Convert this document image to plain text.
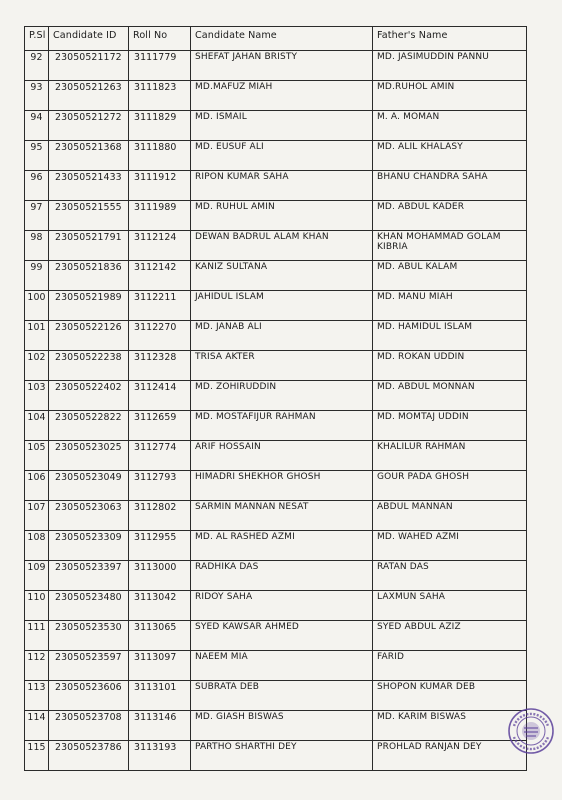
P.Sl	Candidate ID	Roll No	Candidate Name	Father's Name
92	23050521172	3111779	SHEFAT JAHAN BRISTY	MD. JASIMUDDIN PANNU
93	23050521263	3111823	MD.MAFUZ MIAH	MD.RUHOL AMIN
94	23050521272	3111829	MD. ISMAIL	M. A. MOMAN
95	23050521368	3111880	MD. EUSUF ALI	MD. ALIL KHALASY
96	23050521433	3111912	RIPON KUMAR SAHA	BHANU CHANDRA SAHA
97	23050521555	3111989	MD. RUHUL AMIN	MD. ABDUL KADER
98	23050521791	3112124	DEWAN BADRUL ALAM KHAN	KHAN MOHAMMAD GOLAM KIBRIA
99	23050521836	3112142	KANIZ SULTANA	MD. ABUL KALAM
100	23050521989	3112211	JAHIDUL ISLAM	MD. MANU MIAH
101	23050522126	3112270	MD. JANAB ALI	MD. HAMIDUL ISLAM
102	23050522238	3112328	TRISA AKTER	MD. ROKAN UDDIN
103	23050522402	3112414	MD. ZOHIRUDDIN	MD. ABDUL MONNAN
104	23050522822	3112659	MD. MOSTAFIJUR RAHMAN	MD. MOMTAJ UDDIN
105	23050523025	3112774	ARIF HOSSAIN	KHALILUR RAHMAN
106	23050523049	3112793	HIMADRI SHEKHOR GHOSH	GOUR PADA GHOSH
107	23050523063	3112802	SARMIN MANNAN NESAT	ABDUL MANNAN
108	23050523309	3112955	MD. AL RASHED AZMI	MD. WAHED AZMI
109	23050523397	3113000	RADHIKA DAS	RATAN DAS
110	23050523480	3113042	RIDOY SAHA	LAXMUN SAHA
111	23050523530	3113065	SYED KAWSAR AHMED	SYED ABDUL AZIZ
112	23050523597	3113097	NAEEM MIA	FARID
113	23050523606	3113101	SUBRATA DEB	SHOPON KUMAR DEB
114	23050523708	3113146	MD. GIASH BISWAS	MD. KARIM BISWAS
115	23050523786	3113193	PARTHO SHARTHI DEY	PROHLAD RANJAN DEY
